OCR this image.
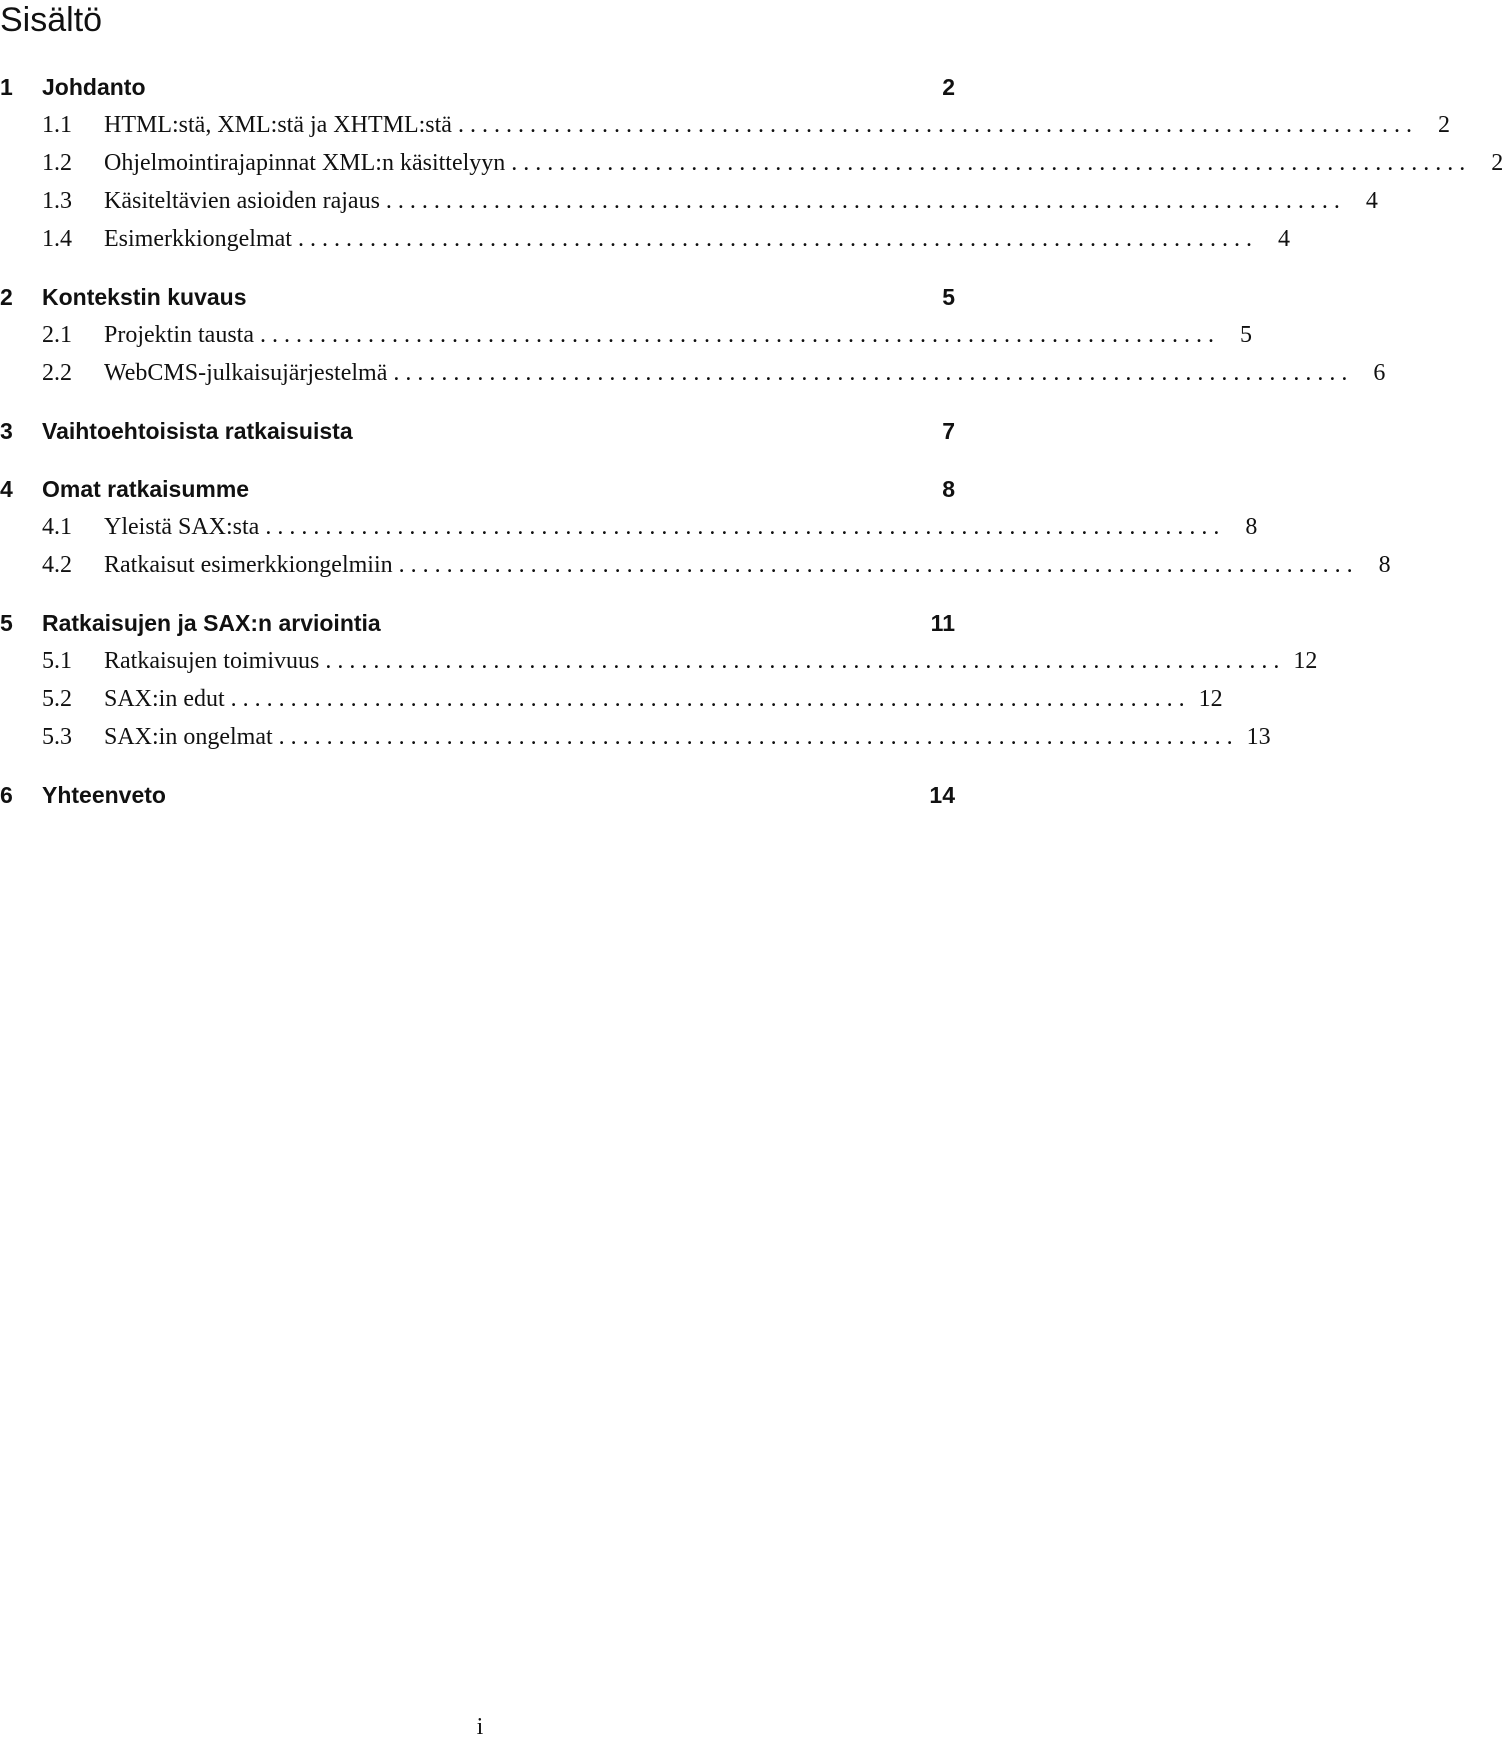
Sisältö
1	Johdanto	2
1.1	HTML:stä, XML:stä ja XHTML:stä . . . . . . . . . . . . . . . . . . . . . . . . . . . . . . . . . . . . . . . . . . . . . . . . . . . . . . . . . . . . . . . . . . . . . . . . . . . . . . . .	2
1.2	Ohjelmointirajapinnat XML:n käsittelyyn . . . . . . . . . . . . . . . . . . . . . . . . . . . . . . . . . . . . . . . . . . . . . . . . . . . . . . . . . . . . . . . . . . . . . . . . . . . . . . . .	2
1.3	Käsiteltävien asioiden rajaus . . . . . . . . . . . . . . . . . . . . . . . . . . . . . . . . . . . . . . . . . . . . . . . . . . . . . . . . . . . . . . . . . . . . . . . . . . . . . . . .	4
1.4	Esimerkkiongelmat . . . . . . . . . . . . . . . . . . . . . . . . . . . . . . . . . . . . . . . . . . . . . . . . . . . . . . . . . . . . . . . . . . . . . . . . . . . . . . . .	4
2	Kontekstin kuvaus	5
2.1	Projektin tausta . . . . . . . . . . . . . . . . . . . . . . . . . . . . . . . . . . . . . . . . . . . . . . . . . . . . . . . . . . . . . . . . . . . . . . . . . . . . . . . .	5
2.2	WebCMS-julkaisujärjestelmä . . . . . . . . . . . . . . . . . . . . . . . . . . . . . . . . . . . . . . . . . . . . . . . . . . . . . . . . . . . . . . . . . . . . . . . . . . . . . . . .	6
3	Vaihtoehtoisista ratkaisuista	7
4	Omat ratkaisumme	8
4.1	Yleistä SAX:sta . . . . . . . . . . . . . . . . . . . . . . . . . . . . . . . . . . . . . . . . . . . . . . . . . . . . . . . . . . . . . . . . . . . . . . . . . . . . . . . .	8
4.2	Ratkaisut esimerkkiongelmiin . . . . . . . . . . . . . . . . . . . . . . . . . . . . . . . . . . . . . . . . . . . . . . . . . . . . . . . . . . . . . . . . . . . . . . . . . . . . . . . .	8
5	Ratkaisujen ja SAX:n arviointia	11
5.1	Ratkaisujen toimivuus . . . . . . . . . . . . . . . . . . . . . . . . . . . . . . . . . . . . . . . . . . . . . . . . . . . . . . . . . . . . . . . . . . . . . . . . . . . . . . . . 12
5.2	SAX:in edut . . . . . . . . . . . . . . . . . . . . . . . . . . . . . . . . . . . . . . . . . . . . . . . . . . . . . . . . . . . . . . . . . . . . . . . . . . . . . . . . 12
5.3	SAX:in ongelmat . . . . . . . . . . . . . . . . . . . . . . . . . . . . . . . . . . . . . . . . . . . . . . . . . . . . . . . . . . . . . . . . . . . . . . . . . . . . . . . . 13
6	Yhteenveto	14
i
